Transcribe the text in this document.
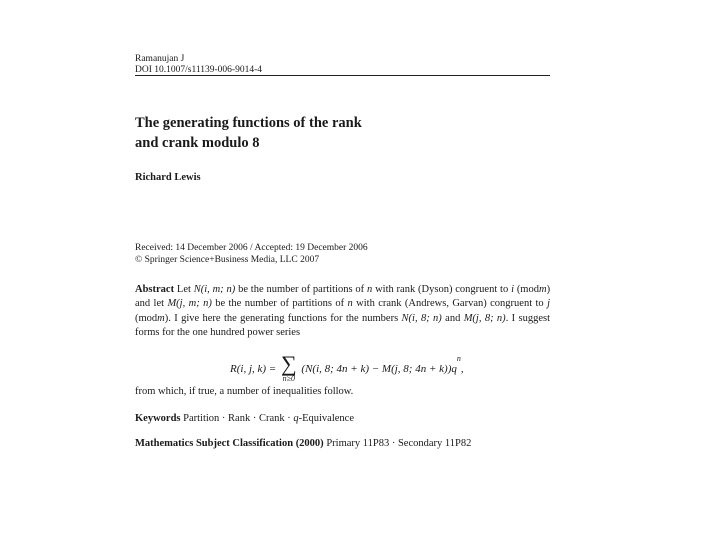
Ramanujan J
DOI 10.1007/s11139-006-9014-4
The generating functions of the rank
and crank modulo 8
Richard Lewis
Received: 14 December 2006 / Accepted: 19 December 2006
© Springer Science+Business Media, LLC 2007
Abstract Let N(i, m; n) be the number of partitions of n with rank (Dyson) congruent to i (modm) and let M(j, m; n) be the number of partitions of n with crank (Andrews, Garvan) congruent to j (modm). I give here the generating functions for the numbers N(i, 8; n) and M(j, 8; n). I suggest forms for the one hundred power series
R(i, j, k) = ∑
n≥0
(N(i, 8; 4n + k) − M(j, 8; $4n + k))q^n$,
from which, if true, a number of inequalities follow.
Keywords Partition · Rank · Crank · q-Equivalence
Mathematics Subject Classification (2000) Primary 11P83 · Secondary 11P82
